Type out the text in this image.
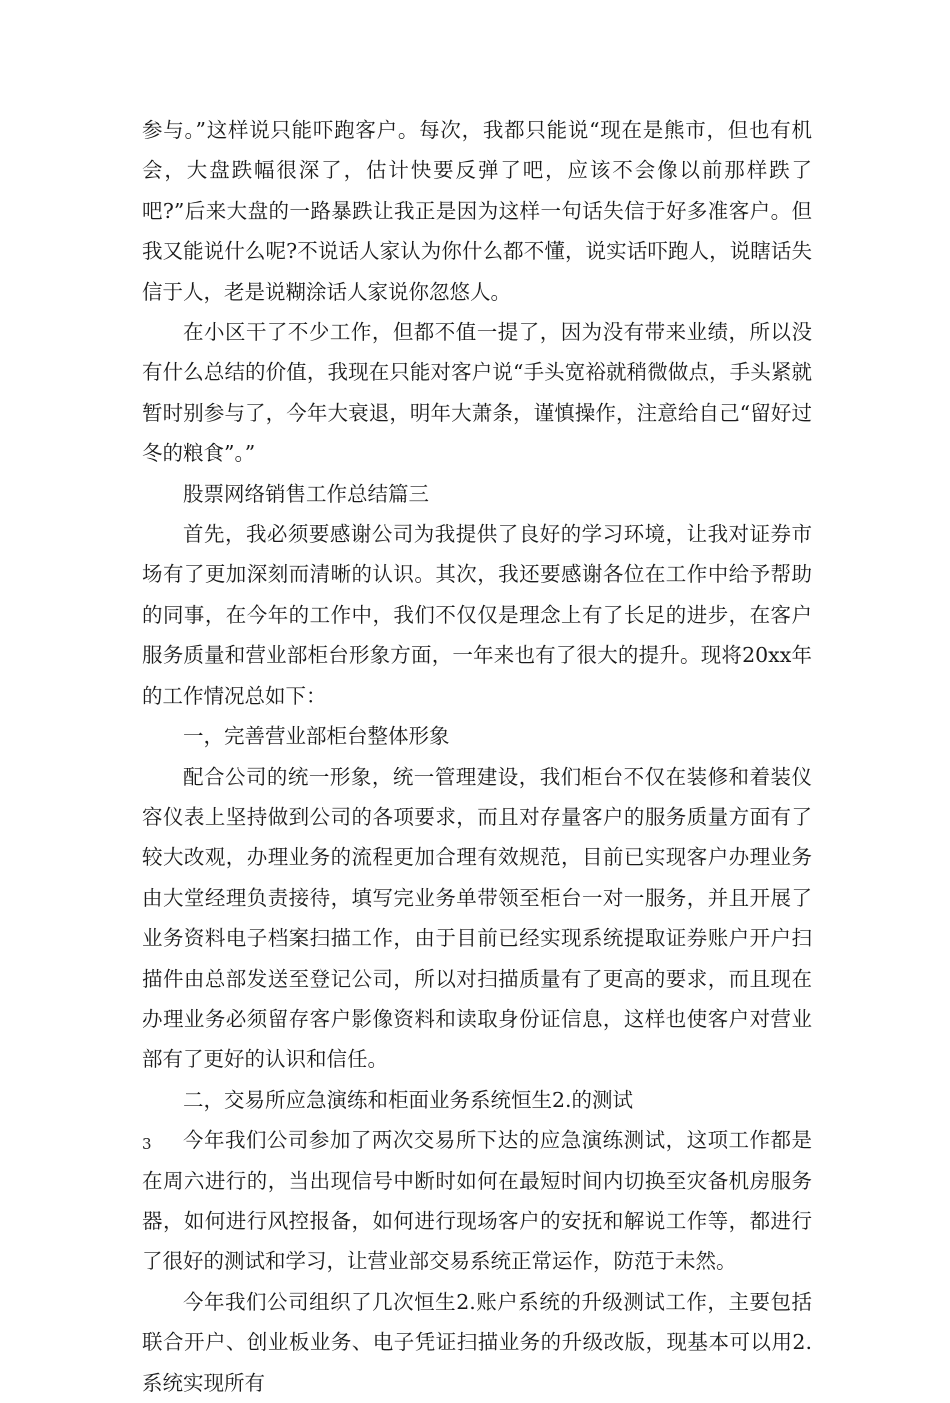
参与。”这样说只能吓跑客户。每次，我都只能说“现在是熊市，但也有机会，大盘跌幅很深了，估计快要反弹了吧，应该不会像以前那样跌了吧?”后来大盘的一路暴跌让我正是因为这样一句话失信于好多准客户。但我又能说什么呢?不说话人家认为你什么都不懂，说实话吓跑人，说瞎话失信于人，老是说糊涂话人家说你忽悠人。

在小区干了不少工作，但都不值一提了，因为没有带来业绩，所以没有什么总结的价值，我现在只能对客户说“手头宽裕就稍微做点，手头紧就暂时别参与了，今年大衰退，明年大萧条，谨慎操作，注意给自己“留好过冬的粮食”。”

股票网络销售工作总结篇三

首先，我必须要感谢公司为我提供了良好的学习环境，让我对证券市场有了更加深刻而清晰的认识。其次，我还要感谢各位在工作中给予帮助的同事，在今年的工作中，我们不仅仅是理念上有了长足的进步，在客户服务质量和营业部柜台形象方面，一年来也有了很大的提升。现将20xx年的工作情况总如下：

一，完善营业部柜台整体形象

配合公司的统一形象，统一管理建设，我们柜台不仅在装修和着装仪容仪表上坚持做到公司的各项要求，而且对存量客户的服务质量方面有了较大改观，办理业务的流程更加合理有效规范，目前已实现客户办理业务由大堂经理负责接待，填写完业务单带领至柜台一对一服务，并且开展了业务资料电子档案扫描工作，由于目前已经实现系统提取证券账户开户扫描件由总部发送至登记公司，所以对扫描质量有了更高的要求，而且现在办理业务必须留存客户影像资料和读取身份证信息，这样也使客户对营业部有了更好的认识和信任。

二，交易所应急演练和柜面业务系统恒生2.的测试

今年我们公司参加了两次交易所下达的应急演练测试，这项工作都是在周六进行的，当出现信号中断时如何在最短时间内切换至灾备机房服务器，如何进行风控报备，如何进行现场客户的安抚和解说工作等，都进行了很好的测试和学习，让营业部交易系统正常运作，防范于未然。

今年我们公司组织了几次恒生2.账户系统的升级测试工作，主要包括联合开户、创业板业务、电子凭证扫描业务的升级改版，现基本可以用2.系统实现所有

3
